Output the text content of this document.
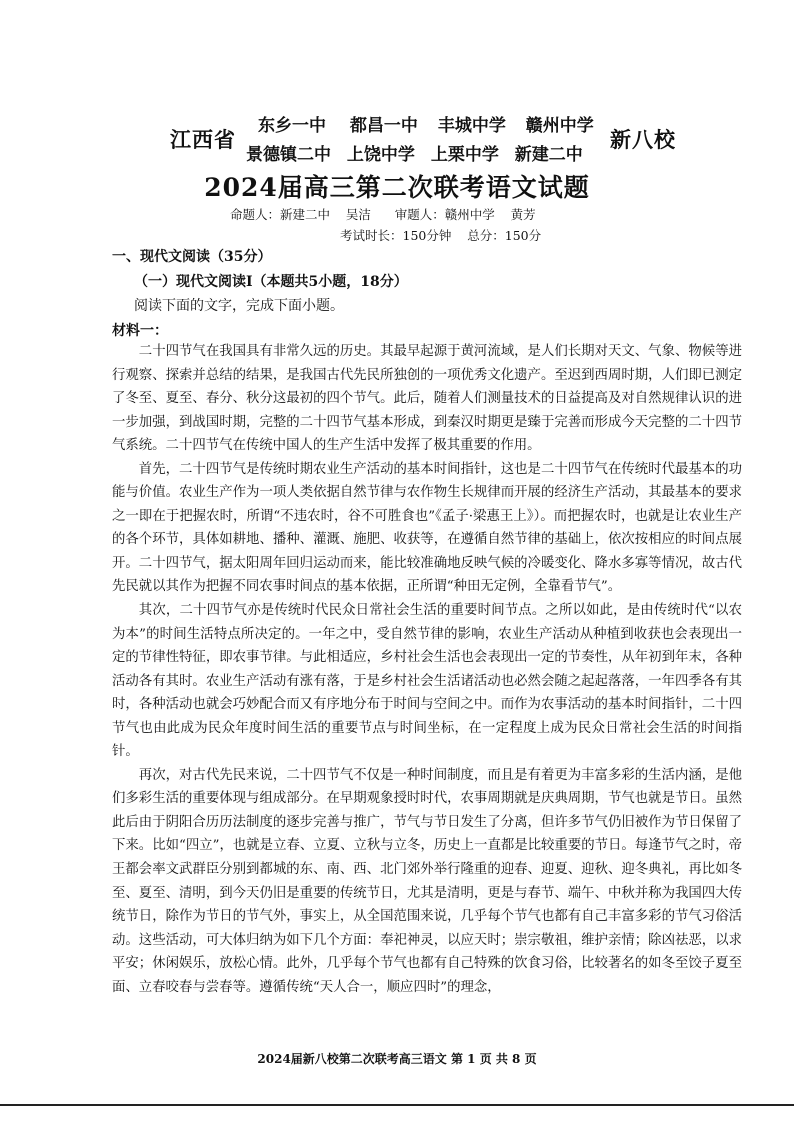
江西省
东乡一中 都昌一中 丰城中学 赣州中学
景德镇二中 上饶中学 上栗中学 新建二中
新八校
2024届高三第二次联考语文试题
命题人：新建二中    吴洁      审题人：赣州中学    黄芳
考试时长：150分钟    总分：150分
一、现代文阅读（35分）
（一）现代文阅读Ⅰ（本题共5小题，18分）
阅读下面的文字，完成下面小题。
材料一：

二十四节气在我国具有非常久远的历史。其最早起源于黄河流域，是人们长期对天文、气象、物候等进行观察、探索并总结的结果，是我国古代先民所独创的一项优秀文化遗产。至迟到西周时期，人们即已测定了冬至、夏至、春分、秋分这最初的四个节气。此后，随着人们测量技术的日益提高及对自然规律认识的进一步加强，到战国时期，完整的二十四节气基本形成，到秦汉时期更是臻于完善而形成今天完整的二十四节气系统。二十四节气在传统中国人的生产生活中发挥了极其重要的作用。

首先，二十四节气是传统时期农业生产活动的基本时间指针，这也是二十四节气在传统时代最基本的功能与价值。农业生产作为一项人类依据自然节律与农作物生长规律而开展的经济生产活动，其最基本的要求之一即在于把握农时，所谓“不违农时，谷不可胜食也”《孟子·梁惠王上》）。而把握农时，也就是让农业生产的各个环节，具体如耕地、播种、灌溉、施肥、收获等，在遵循自然节律的基础上，依次按相应的时间点展开。二十四节气，据太阳周年回归运动而来，能比较准确地反映气候的冷暖变化、降水多寡等情况，故古代先民就以其作为把握不同农事时间点的基本依据，正所谓“种田无定例，全靠看节气”。

其次，二十四节气亦是传统时代民众日常社会生活的重要时间节点。之所以如此，是由传统时代“以农为本”的时间生活特点所决定的。一年之中，受自然节律的影响，农业生产活动从种植到收获也会表现出一定的节律性特征，即农事节律。与此相适应，乡村社会生活也会表现出一定的节奏性，从年初到年末，各种活动各有其时。农业生产活动有涨有落，于是乡村社会生活诸活动也必然会随之起起落落，一年四季各有其时，各种活动也就会巧妙配合而又有序地分布于时间与空间之中。而作为农事活动的基本时间指针，二十四节气也由此成为民众年度时间生活的重要节点与时间坐标，在一定程度上成为民众日常社会生活的时间指针。

再次，对古代先民来说，二十四节气不仅是一种时间制度，而且是有着更为丰富多彩的生活内涵，是他们多彩生活的重要体现与组成部分。在早期观象授时时代，农事周期就是庆典周期，节气也就是节日。虽然此后由于阴阳合历历法制度的逐步完善与推广，节气与节日发生了分离，但许多节气仍旧被作为节日保留了下来。比如“四立”，也就是立春、立夏、立秋与立冬，历史上一直都是比较重要的节日。每逢节气之时，帝王都会率文武群臣分别到都城的东、南、西、北门郊外举行隆重的迎春、迎夏、迎秋、迎冬典礼，再比如冬至、夏至、清明，到今天仍旧是重要的传统节日，尤其是清明，更是与春节、端午、中秋并称为我国四大传统节日，除作为节日的节气外，事实上，从全国范围来说，几乎每个节气也都有自己丰富多彩的节气习俗活动。这些活动，可大体归纳为如下几个方面：奉祀神灵，以应天时；崇宗敬祖，维护亲情；除凶祛恶，以求平安；休闲娱乐，放松心情。此外，几乎每个节气也都有自己特殊的饮食习俗，比较著名的如冬至饺子夏至面、立春咬春与尝春等。遵循传统“天人合一，顺应四时”的理念，

2024届新八校第二次联考高三语文 第 1 页 共 8 页
